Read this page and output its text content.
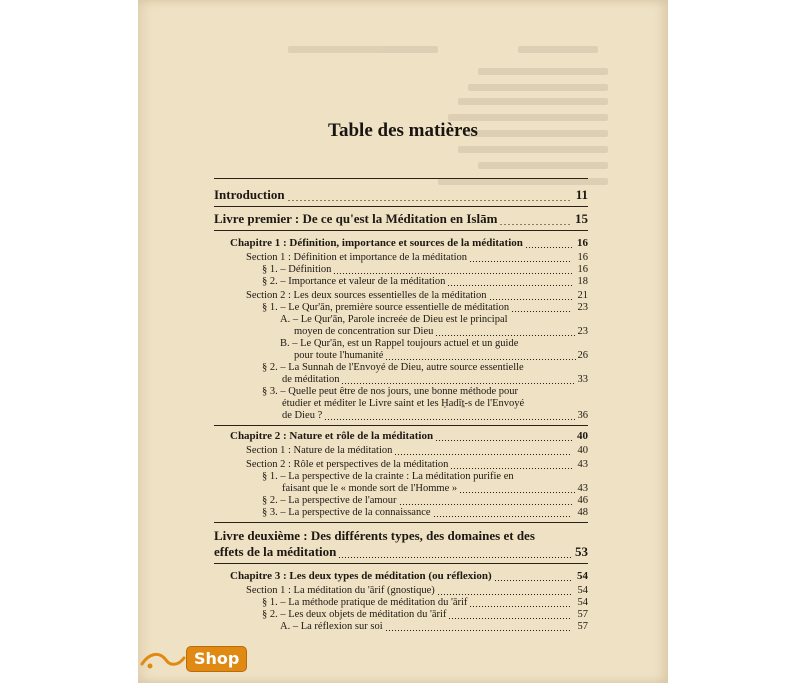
Table des matières
Introduction	11
Livre premier : De ce qu'est la Méditation en Islām	15
Chapitre 1 : Définition, importance et sources de la méditation	16
Section 1 : Définition et importance de la méditation	16
§ 1. – Définition	16
§ 2. – Importance et valeur de la méditation	18
Section 2 : Les deux sources essentielles de la méditation	21
§ 1. – Le Qur'ān, première source essentielle de méditation	23
A. – Le Qur'ān, Parole increée de Dieu est le principal
moyen de concentration sur Dieu	23
B. – Le Qur'ān, est un Rappel toujours actuel et un guide
pour toute l'humanité	26
§ 2. – La Sunnah de l'Envoyé de Dieu, autre source essentielle
de méditation	33
§ 3. – Quelle peut être de nos jours, une bonne méthode pour
étudier et méditer le Livre saint et les Ḥadīṯ-s de l'Envoyé
de Dieu ?	36
Chapitre 2 : Nature et rôle de la méditation	40
Section 1 : Nature de la méditation	40
Section 2 : Rôle et perspectives de la méditation	43
§ 1. – La perspective de la crainte : La méditation purifie en
faisant que le « monde sort de l'Homme »	43
§ 2. – La perspective de l'amour	46
§ 3. – La perspective de la connaissance	48
Livre deuxième : Des différents types, des domaines et des
effets de la méditation	53
Chapitre 3 : Les deux types de méditation (ou réflexion)	54
Section 1 : La méditation du 'ārif (gnostique)	54
§ 1. – La méthode pratique de méditation du 'ārif	54
§ 2. – Les deux objets de méditation du 'ārif	57
A. – La réflexion sur soi	57
Shop
